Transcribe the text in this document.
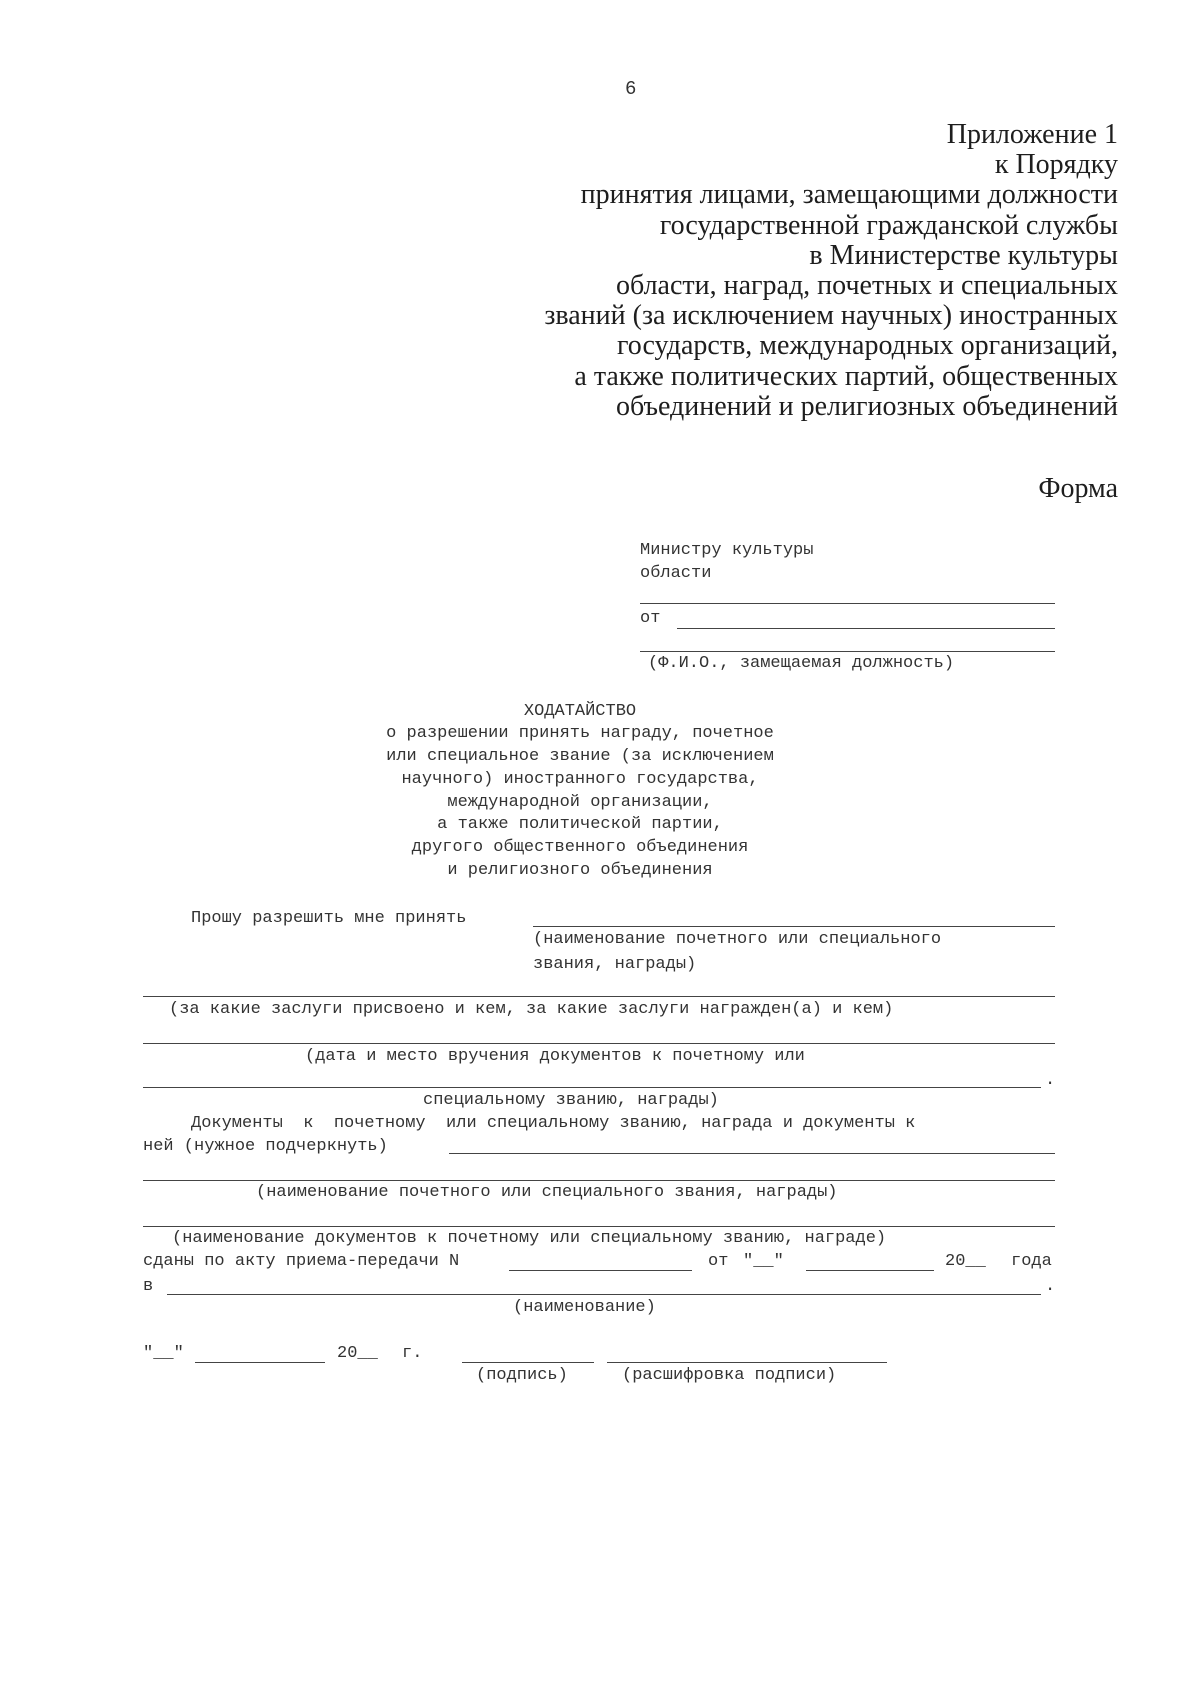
6
Приложение 1
к Порядку
принятия лицами, замещающими должности
государственной гражданской службы
в Министерстве культуры
области, наград, почетных и специальных
званий (за исключением научных) иностранных
государств, международных организаций,
а также политических партий, общественных
объединений и религиозных объединений
Форма
Министру культуры
области
от
(Ф.И.О., замещаемая должность)
ХОДАТАЙСТВО
о разрешении принять награду, почетное
или специальное звание (за исключением
научного) иностранного государства,
международной организации,
а также политической партии,
другого общественного объединения
и религиозного объединения
Прошу разрешить мне принять
(наименование почетного или специального
звания, награды)
(за какие заслуги присвоено и кем, за какие заслуги награжден(а) и кем)
(дата и место вручения документов к почетному или
.
специальному званию, награды)
Документы  к  почетному  или специальному званию, награда и документы к
ней (нужное подчеркнуть)
(наименование почетного или специального звания, награды)
(наименование документов к почетному или специальному званию, награде)
сданы по акту приема-передачи N	от "__"	20__ года
в	.
(наименование)
"__"	20__ г.
(подпись)	(расшифровка подписи)
